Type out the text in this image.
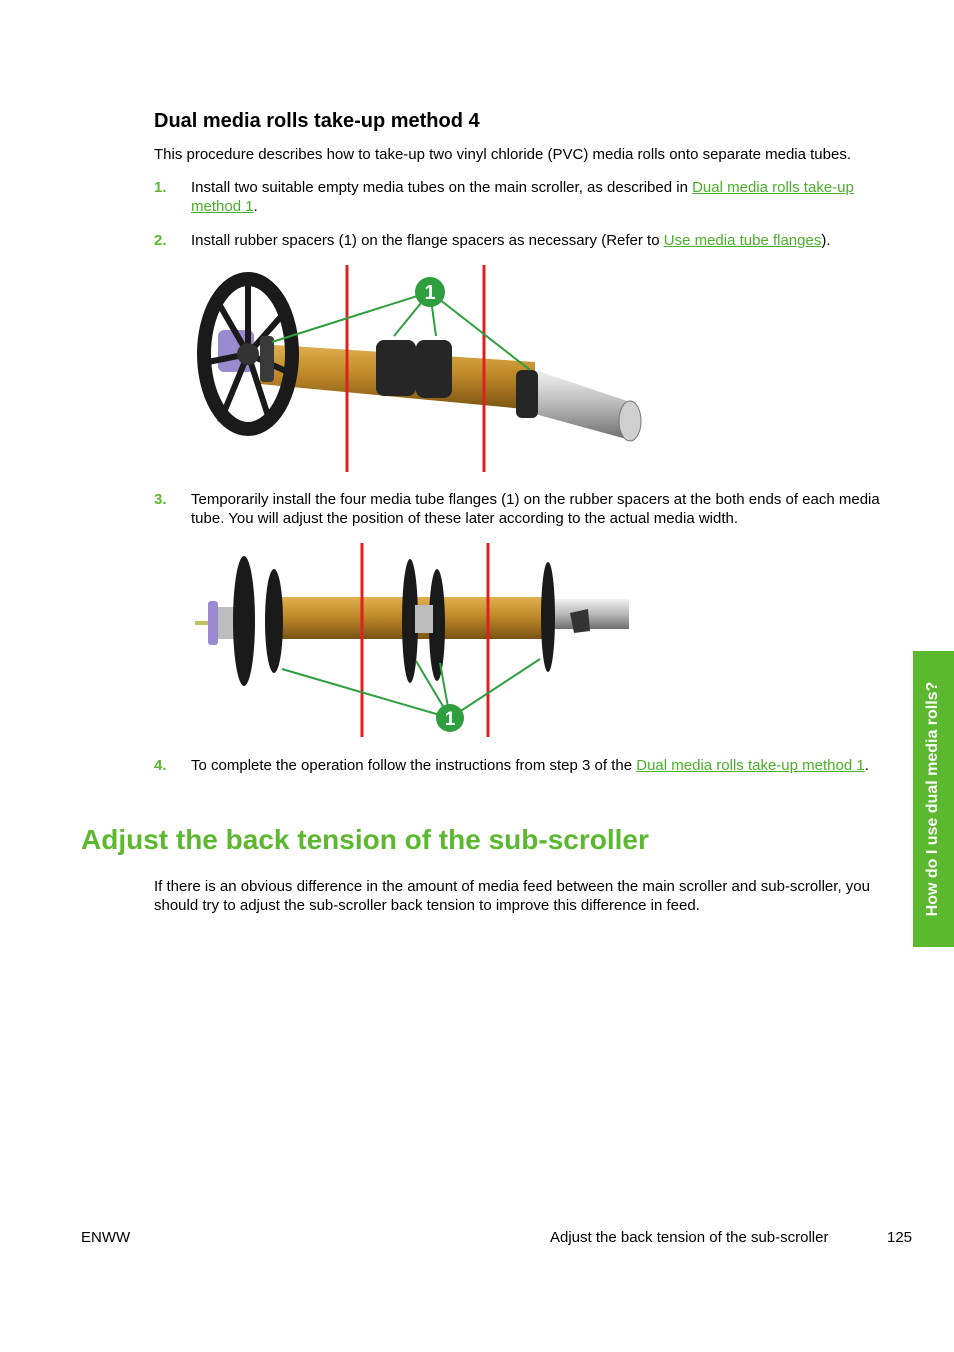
Dual media rolls take-up method 4

This procedure describes how to take-up two vinyl chloride (PVC) media rolls onto separate media tubes.

1. Install two suitable empty media tubes on the main scroller, as described in Dual media rolls take-up method 1.
2. Install rubber spacers (1) on the flange spacers as necessary (Refer to Use media tube flanges).
1
3. Temporarily install the four media tube flanges (1) on the rubber spacers at the both ends of each media tube. You will adjust the position of these later according to the actual media width.
1
4. To complete the operation follow the instructions from step 3 of the Dual media rolls take-up method 1.
Adjust the back tension of the sub-scroller

If there is an obvious difference in the amount of media feed between the main scroller and sub-scroller, you should try to adjust the sub-scroller back tension to improve this difference in feed.	How do I use dual media rolls?
ENWW	Adjust the back tension of the sub-scroller	125
